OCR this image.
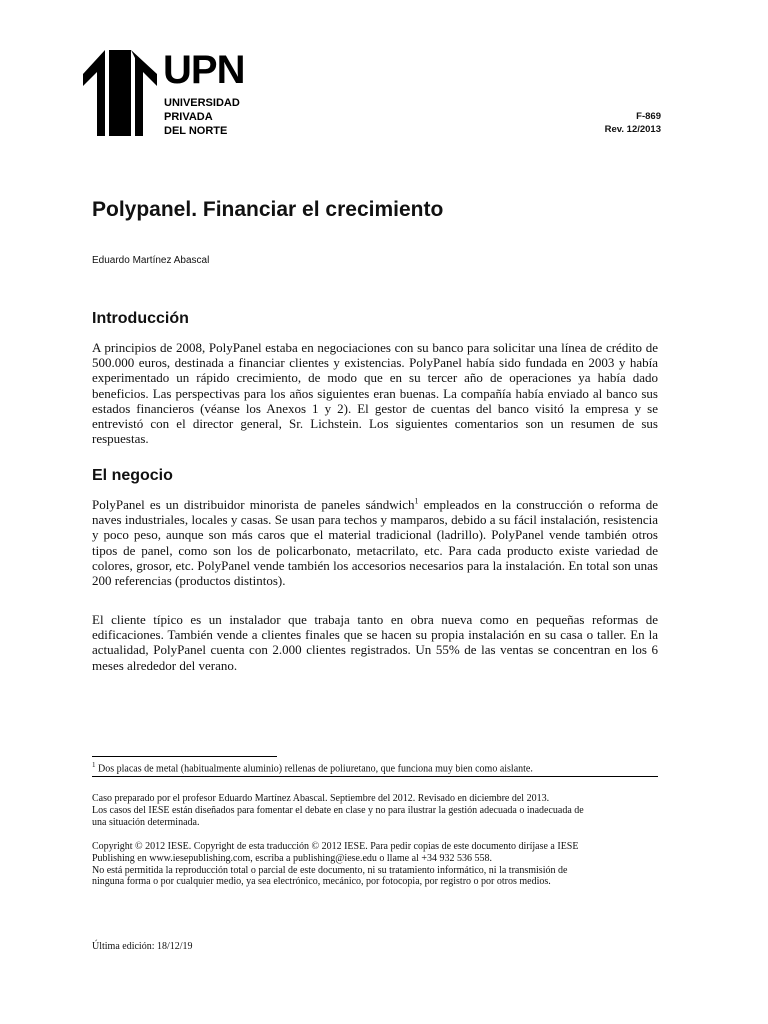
UPN
UNIVERSIDAD
PRIVADA
DEL NORTE
F-869
Rev. 12/2013
Polypanel. Financiar el crecimiento
Eduardo Martínez Abascal
Introducción

A principios de 2008, PolyPanel estaba en negociaciones con su banco para solicitar una línea de crédito de 500.000 euros, destinada a financiar clientes y existencias. PolyPanel había sido fundada en 2003 y había experimentado un rápido crecimiento, de modo que en su tercer año de operaciones ya había dado beneficios. Las perspectivas para los años siguientes eran buenas. La compañía había enviado al banco sus estados financieros (véanse los Anexos 1 y 2). El gestor de cuentas del banco visitó la empresa y se entrevistó con el director general, Sr. Lichstein. Los siguientes comentarios son un resumen de sus respuestas.

El negocio

PolyPanel es un distribuidor minorista de paneles sándwich$^1$ empleados en la construcción o reforma de naves industriales, locales y casas. Se usan para techos y mamparos, debido a su fácil instalación, resistencia y poco peso, aunque son más caros que el material tradicional (ladrillo). PolyPanel vende también otros tipos de panel, como son los de policarbonato, metacrilato, etc. Para cada producto existe variedad de colores, grosor, etc. PolyPanel vende también los accesorios necesarios para la instalación. En total son unas 200 referencias (productos distintos).

El cliente típico es un instalador que trabaja tanto en obra nueva como en pequeñas reformas de edificaciones. También vende a clientes finales que se hacen su propia instalación en su casa o taller. En la actualidad, PolyPanel cuenta con 2.000 clientes registrados. Un 55% de las ventas se concentran en los 6 meses alrededor del verano.

$^1$ Dos placas de metal (habitualmente aluminio) rellenas de poliuretano, que funciona muy bien como aislante.
Caso preparado por el profesor Eduardo Martínez Abascal. Septiembre del 2012. Revisado en diciembre del 2013.
Los casos del IESE están diseñados para fomentar el debate en clase y no para ilustrar la gestión adecuada o inadecuada de
una situación determinada.
Copyright © 2012 IESE. Copyright de esta traducción © 2012 IESE. Para pedir copias de este documento diríjase a IESE
Publishing en www.iesepublishing.com, escriba a publishing@iese.edu o llame al +34 932 536 558.
No está permitida la reproducción total o parcial de este documento, ni su tratamiento informático, ni la transmisión de
ninguna forma o por cualquier medio, ya sea electrónico, mecánico, por fotocopia, por registro o por otros medios.
Última edición: 18/12/19
